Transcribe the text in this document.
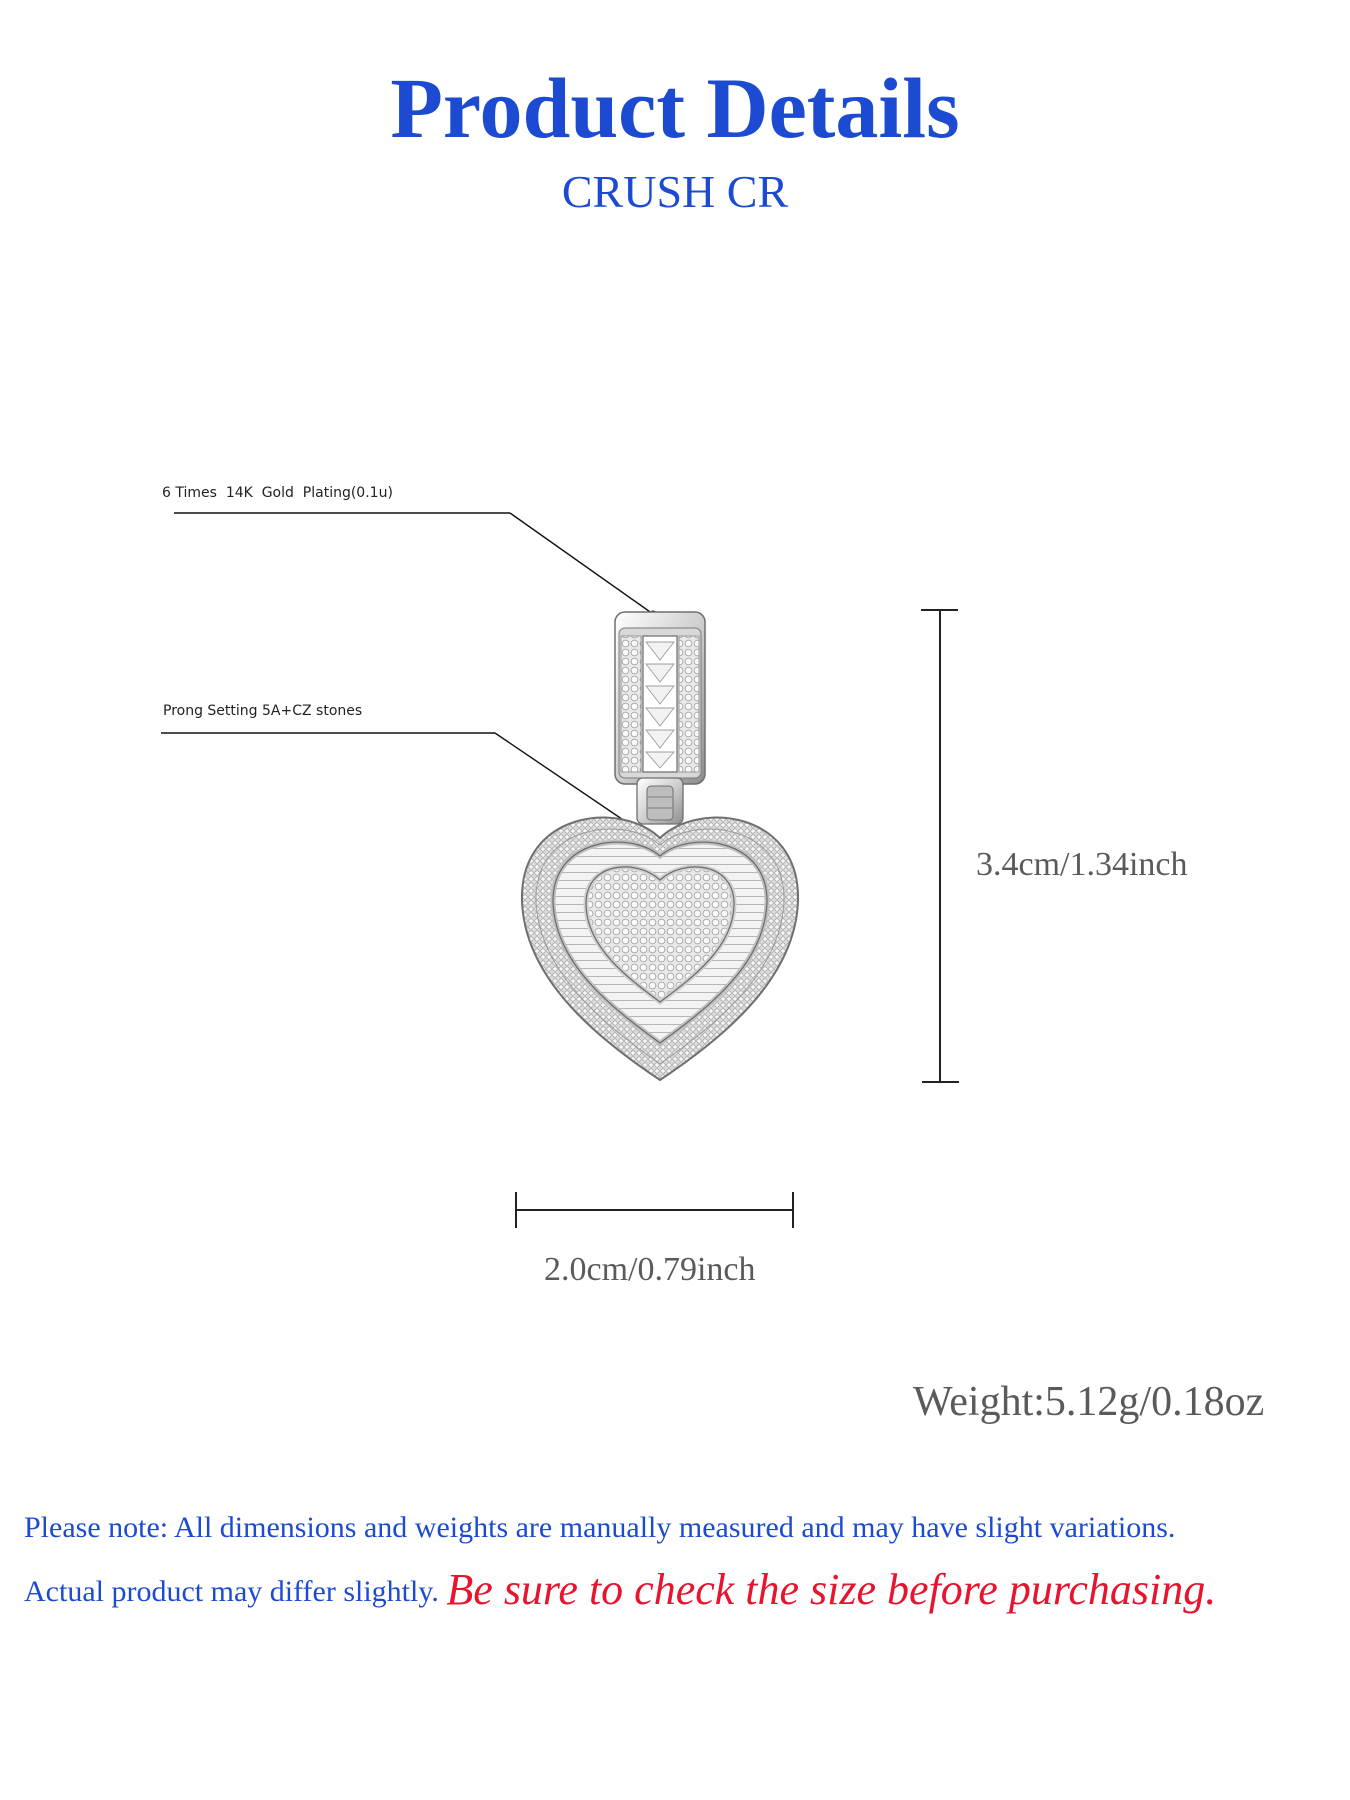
Product Details
CRUSH CR
6 Times  14K  Gold  Plating(0.1u)
Prong Setting 5A+CZ stones
3.4cm/1.34inch
2.0cm/0.79inch
Weight:5.12g/0.18oz
Please note: All dimensions and weights are manually measured and may have slight variations.
Actual product may differ slightly. Be sure to check the size before purchasing.
